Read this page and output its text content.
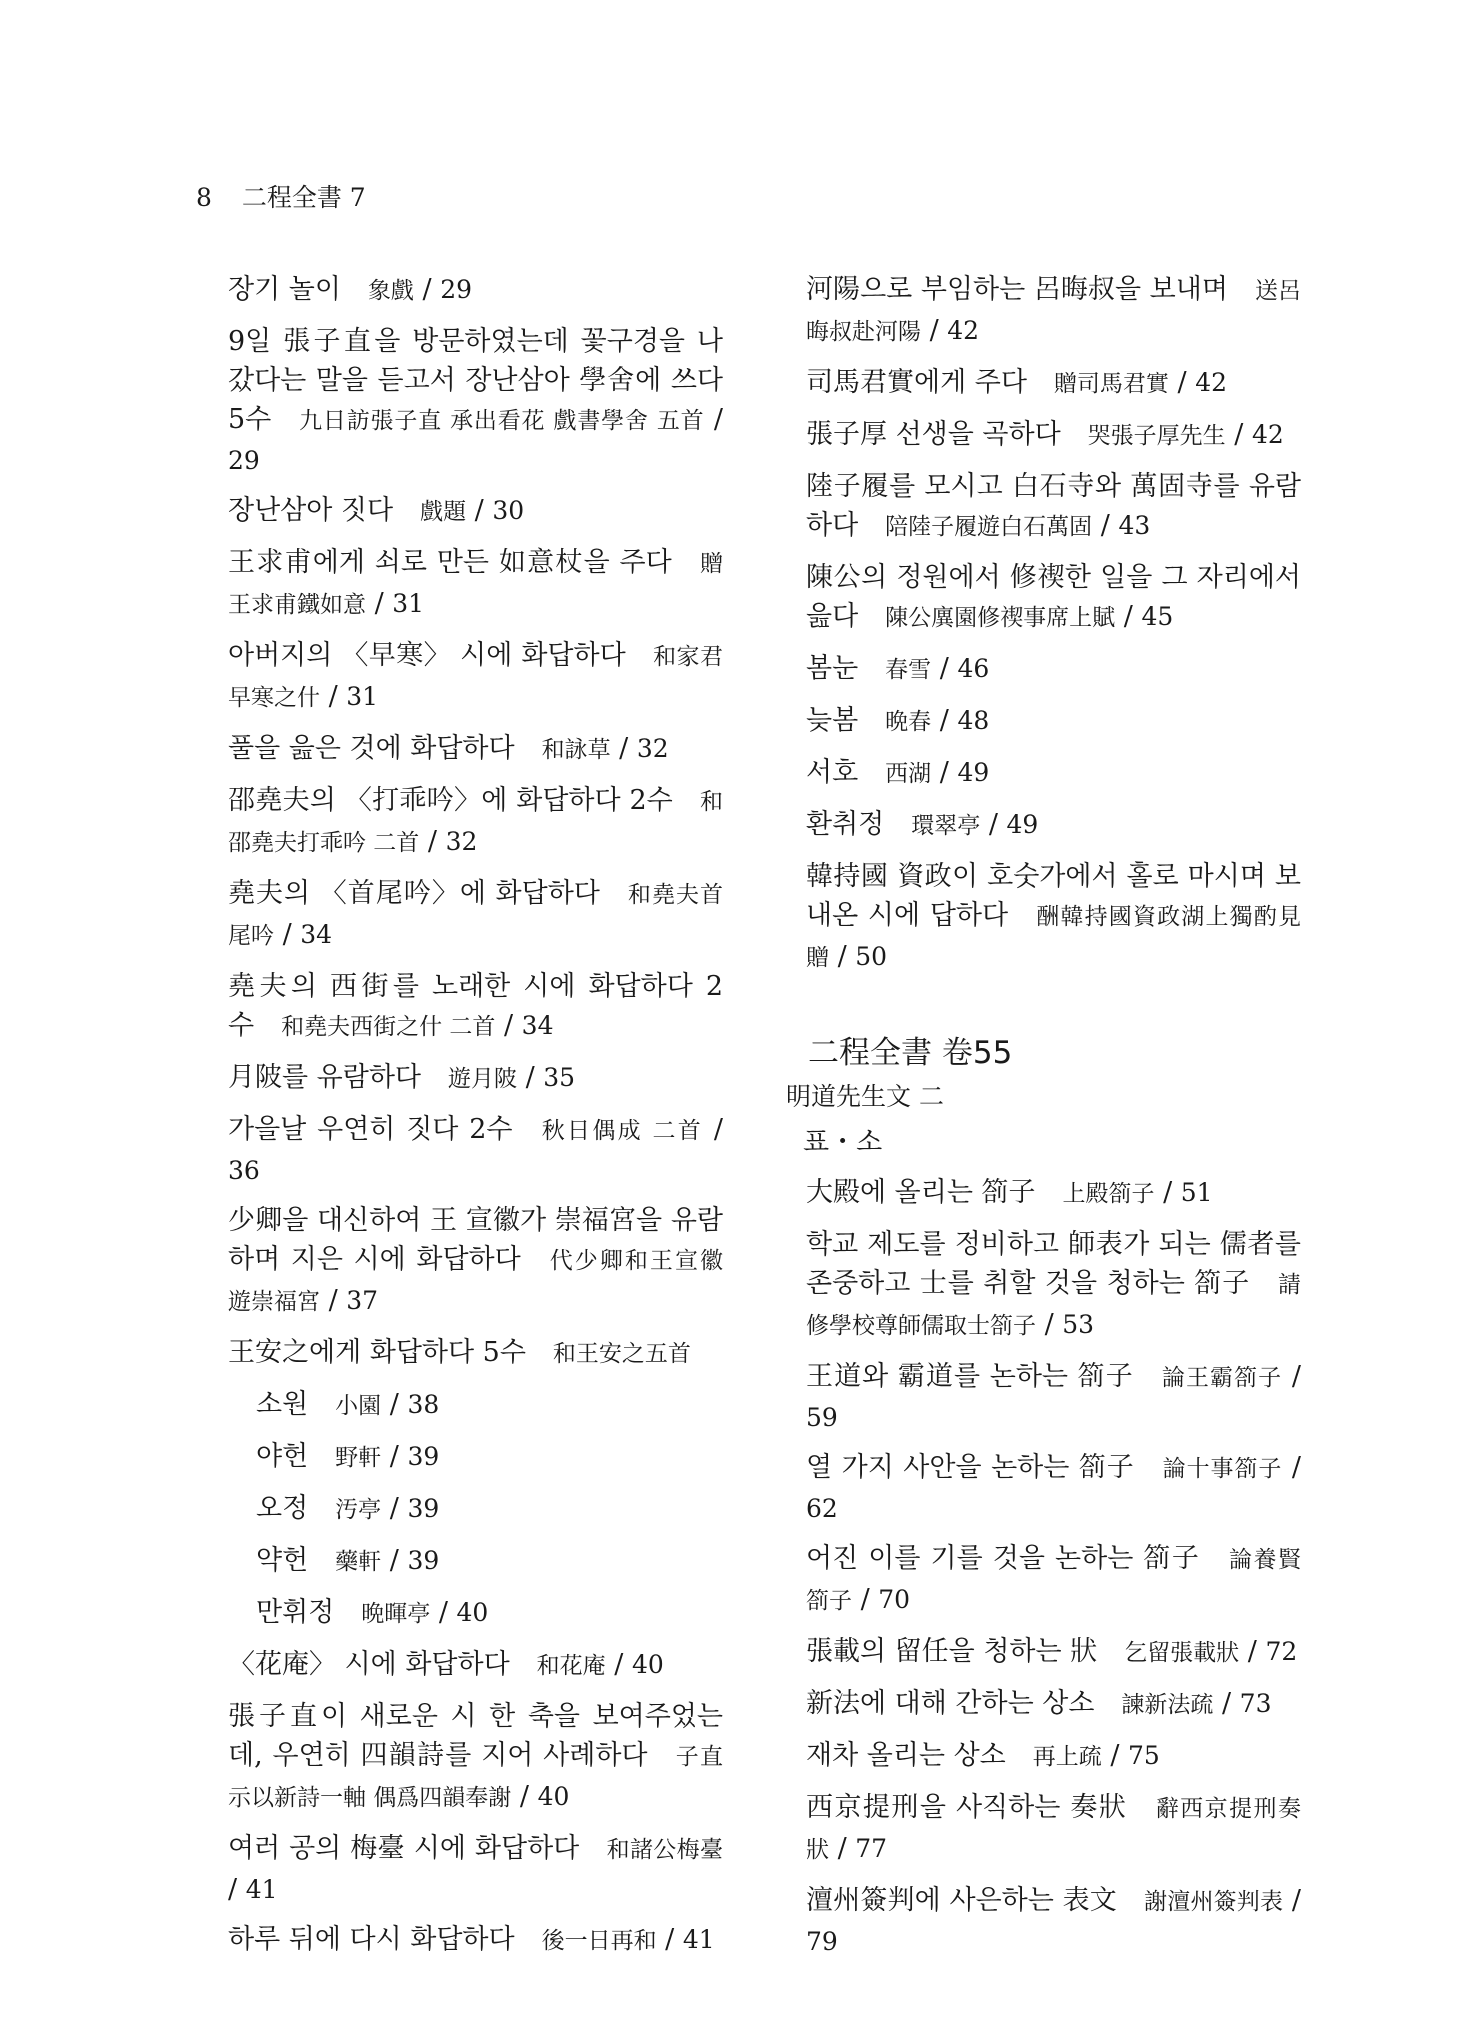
8 二程全書 7
장기 놀이  象戲 / 29
9일 張子直을 방문하였는데 꽃구경을 나갔다는 말을 듣고서 장난삼아 學舍에 쓰다 5수  九日訪張子直 承出看花 戲書學舍 五首 / 29
장난삼아 짓다  戲題 / 30
王求甫에게 쇠로 만든 如意杖을 주다  贈王求甫鐵如意 / 31
아버지의 〈早寒〉 시에 화답하다  和家君早寒之什 / 31
풀을 읊은 것에 화답하다  和詠草 / 32
邵堯夫의 〈打乖吟〉에 화답하다 2수  和邵堯夫打乖吟 二首 / 32
堯夫의 〈首尾吟〉에 화답하다  和堯夫首尾吟 / 34
堯夫의 西街를 노래한 시에 화답하다 2수  和堯夫西街之什 二首 / 34
月陂를 유람하다  遊月陂 / 35
가을날 우연히 짓다 2수  秋日偶成 二首 / 36
少卿을 대신하여 王 宣徽가 崇福宮을 유람하며 지은 시에 화답하다  代少卿和王宣徽遊崇福宮 / 37
王安之에게 화답하다 5수  和王安之五首
소원  小園 / 38
야헌  野軒 / 39
오정  汚亭 / 39
약헌  藥軒 / 39
만휘정  晩暉亭 / 40
〈花庵〉 시에 화답하다  和花庵 / 40
張子直이 새로운 시 한 축을 보여주었는데, 우연히 四韻詩를 지어 사례하다  子直示以新詩一軸 偶爲四韻奉謝 / 40
여러 공의 梅臺 시에 화답하다  和諸公梅臺 / 41
하루 뒤에 다시 화답하다  後一日再和 / 41
河陽으로 부임하는 呂晦叔을 보내며  送呂晦叔赴河陽 / 42
司馬君實에게 주다  贈司馬君實 / 42
張子厚 선생을 곡하다  哭張子厚先生 / 42
陸子履를 모시고 白石寺와 萬固寺를 유람하다  陪陸子履遊白石萬固 / 43
陳公의 정원에서 修禊한 일을 그 자리에서 읊다  陳公廙園修禊事席上賦 / 45
봄눈  春雪 / 46
늦봄  晩春 / 48
서호  西湖 / 49
환취정  環翠亭 / 49
韓持國 資政이 호숫가에서 홀로 마시며 보내온 시에 답하다  酬韓持國資政湖上獨酌見贈 / 50
二程全書 卷55
明道先生文 二
표・소
大殿에 올리는 箚子  上殿箚子 / 51
학교 제도를 정비하고 師表가 되는 儒者를 존중하고 士를 취할 것을 청하는 箚子  請修學校尊師儒取士箚子 / 53
王道와 霸道를 논하는 箚子  論王霸箚子 / 59
열 가지 사안을 논하는 箚子  論十事箚子 / 62
어진 이를 기를 것을 논하는 箚子  論養賢箚子 / 70
張載의 留任을 청하는 狀  乞留張載狀 / 72
新法에 대해 간하는 상소  諫新法疏 / 73
재차 올리는 상소  再上疏 / 75
西京提刑을 사직하는 奏狀  辭西京提刑奏狀 / 77
澶州簽判에 사은하는 表文  謝澶州簽判表 / 79
